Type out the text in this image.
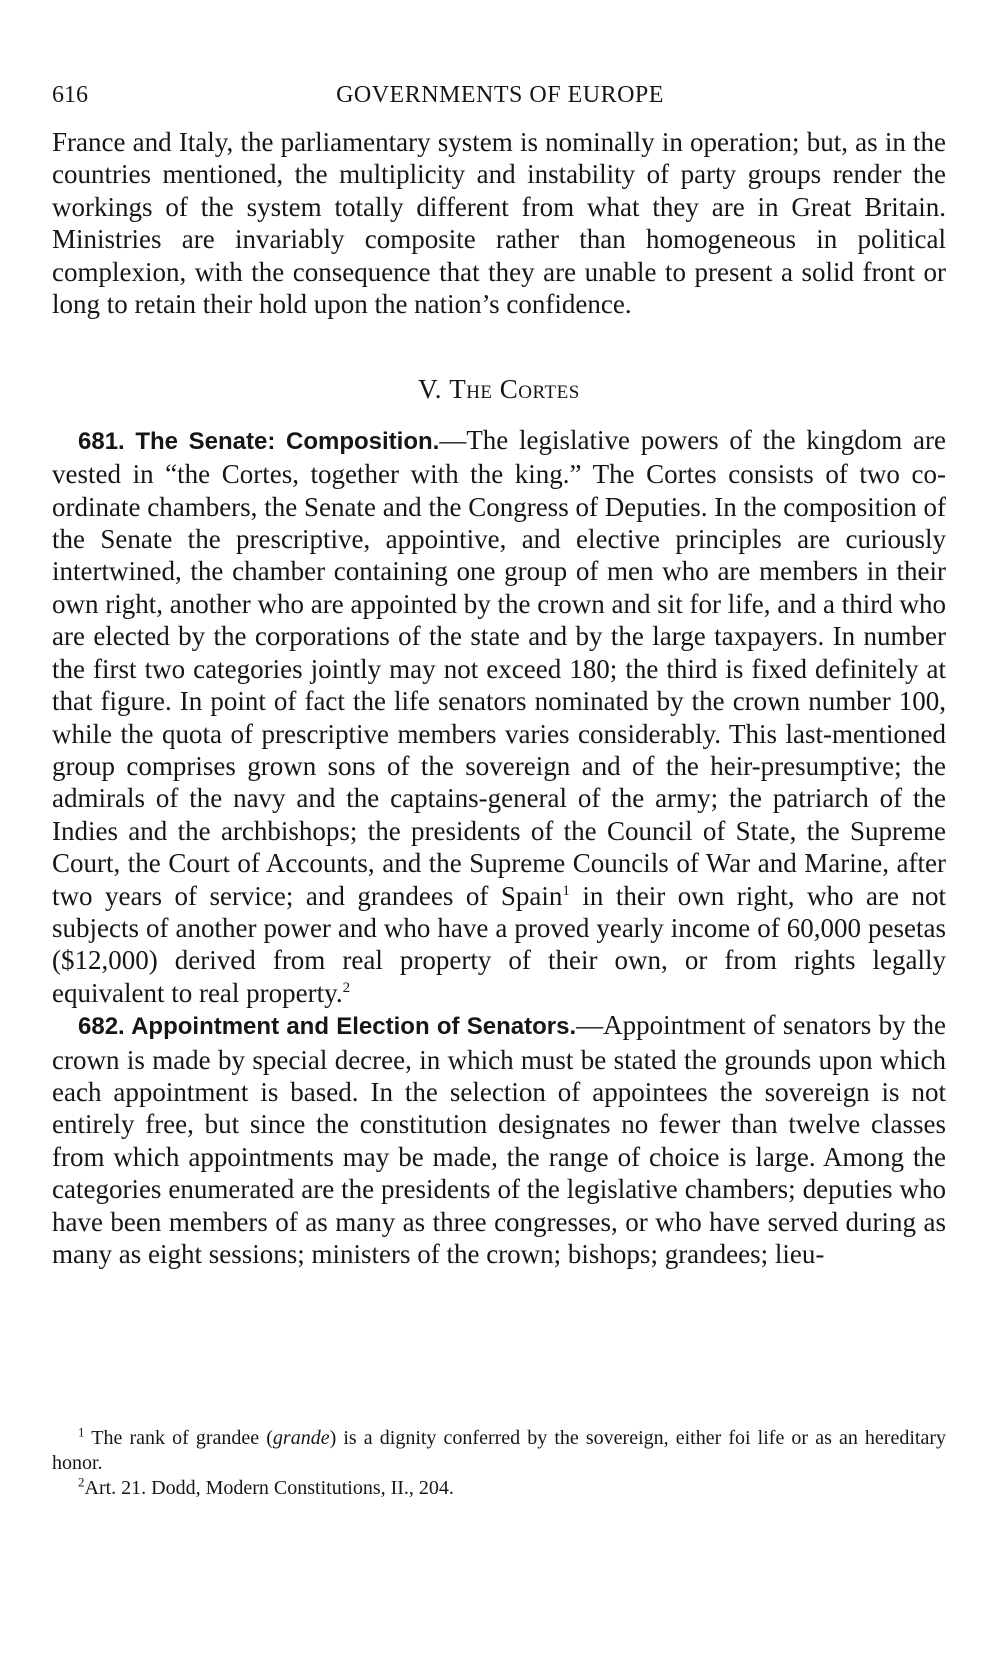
616	GOVERNMENTS OF EUROPE

France and Italy, the parliamentary system is nominally in operation; but, as in the countries mentioned, the multiplicity and instability of party groups render the workings of the system totally different from what they are in Great Britain. Ministries are invariably composite rather than homogeneous in political complexion, with the consequence that they are unable to present a solid front or long to retain their hold upon the nation’s confidence.

V. The Cortes

681. The Senate: Composition.—The legislative powers of the kingdom are vested in “the Cortes, together with the king.” The Cortes consists of two co-ordinate chambers, the Senate and the Congress of Deputies. In the composition of the Senate the prescriptive, appointive, and elective principles are curiously intertwined, the chamber containing one group of men who are members in their own right, another who are appointed by the crown and sit for life, and a third who are elected by the corporations of the state and by the large taxpayers. In number the first two categories jointly may not exceed 180; the third is fixed definitely at that figure. In point of fact the life senators nominated by the crown number 100, while the quota of prescriptive members varies considerably. This last-mentioned group comprises grown sons of the sovereign and of the heir-presumptive; the admirals of the navy and the captains-general of the army; the patriarch of the Indies and the archbishops; the presidents of the Council of State, the Supreme Court, the Court of Accounts, and the Supreme Councils of War and Marine, after two years of service; and grandees of Spain$^1$ in their own right, who are not subjects of another power and who have a proved yearly income of 60,000 pesetas ($12,000) derived from real property of their own, or from rights legally equivalent to real property.$^2$

682. Appointment and Election of Senators.—Appointment of senators by the crown is made by special decree, in which must be stated the grounds upon which each appointment is based. In the selection of appointees the sovereign is not entirely free, but since the constitution designates no fewer than twelve classes from which appointments may be made, the range of choice is large. Among the categories enumerated are the presidents of the legislative chambers; deputies who have been members of as many as three congresses, or who have served during as many as eight sessions; ministers of the crown; bishops; grandees; lieu-

$^1$ The rank of grandee (grande) is a dignity conferred by the sovereign, either foi life or as an hereditary honor.

$^2$Art. 21. Dodd, Modern Constitutions, II., 204.
